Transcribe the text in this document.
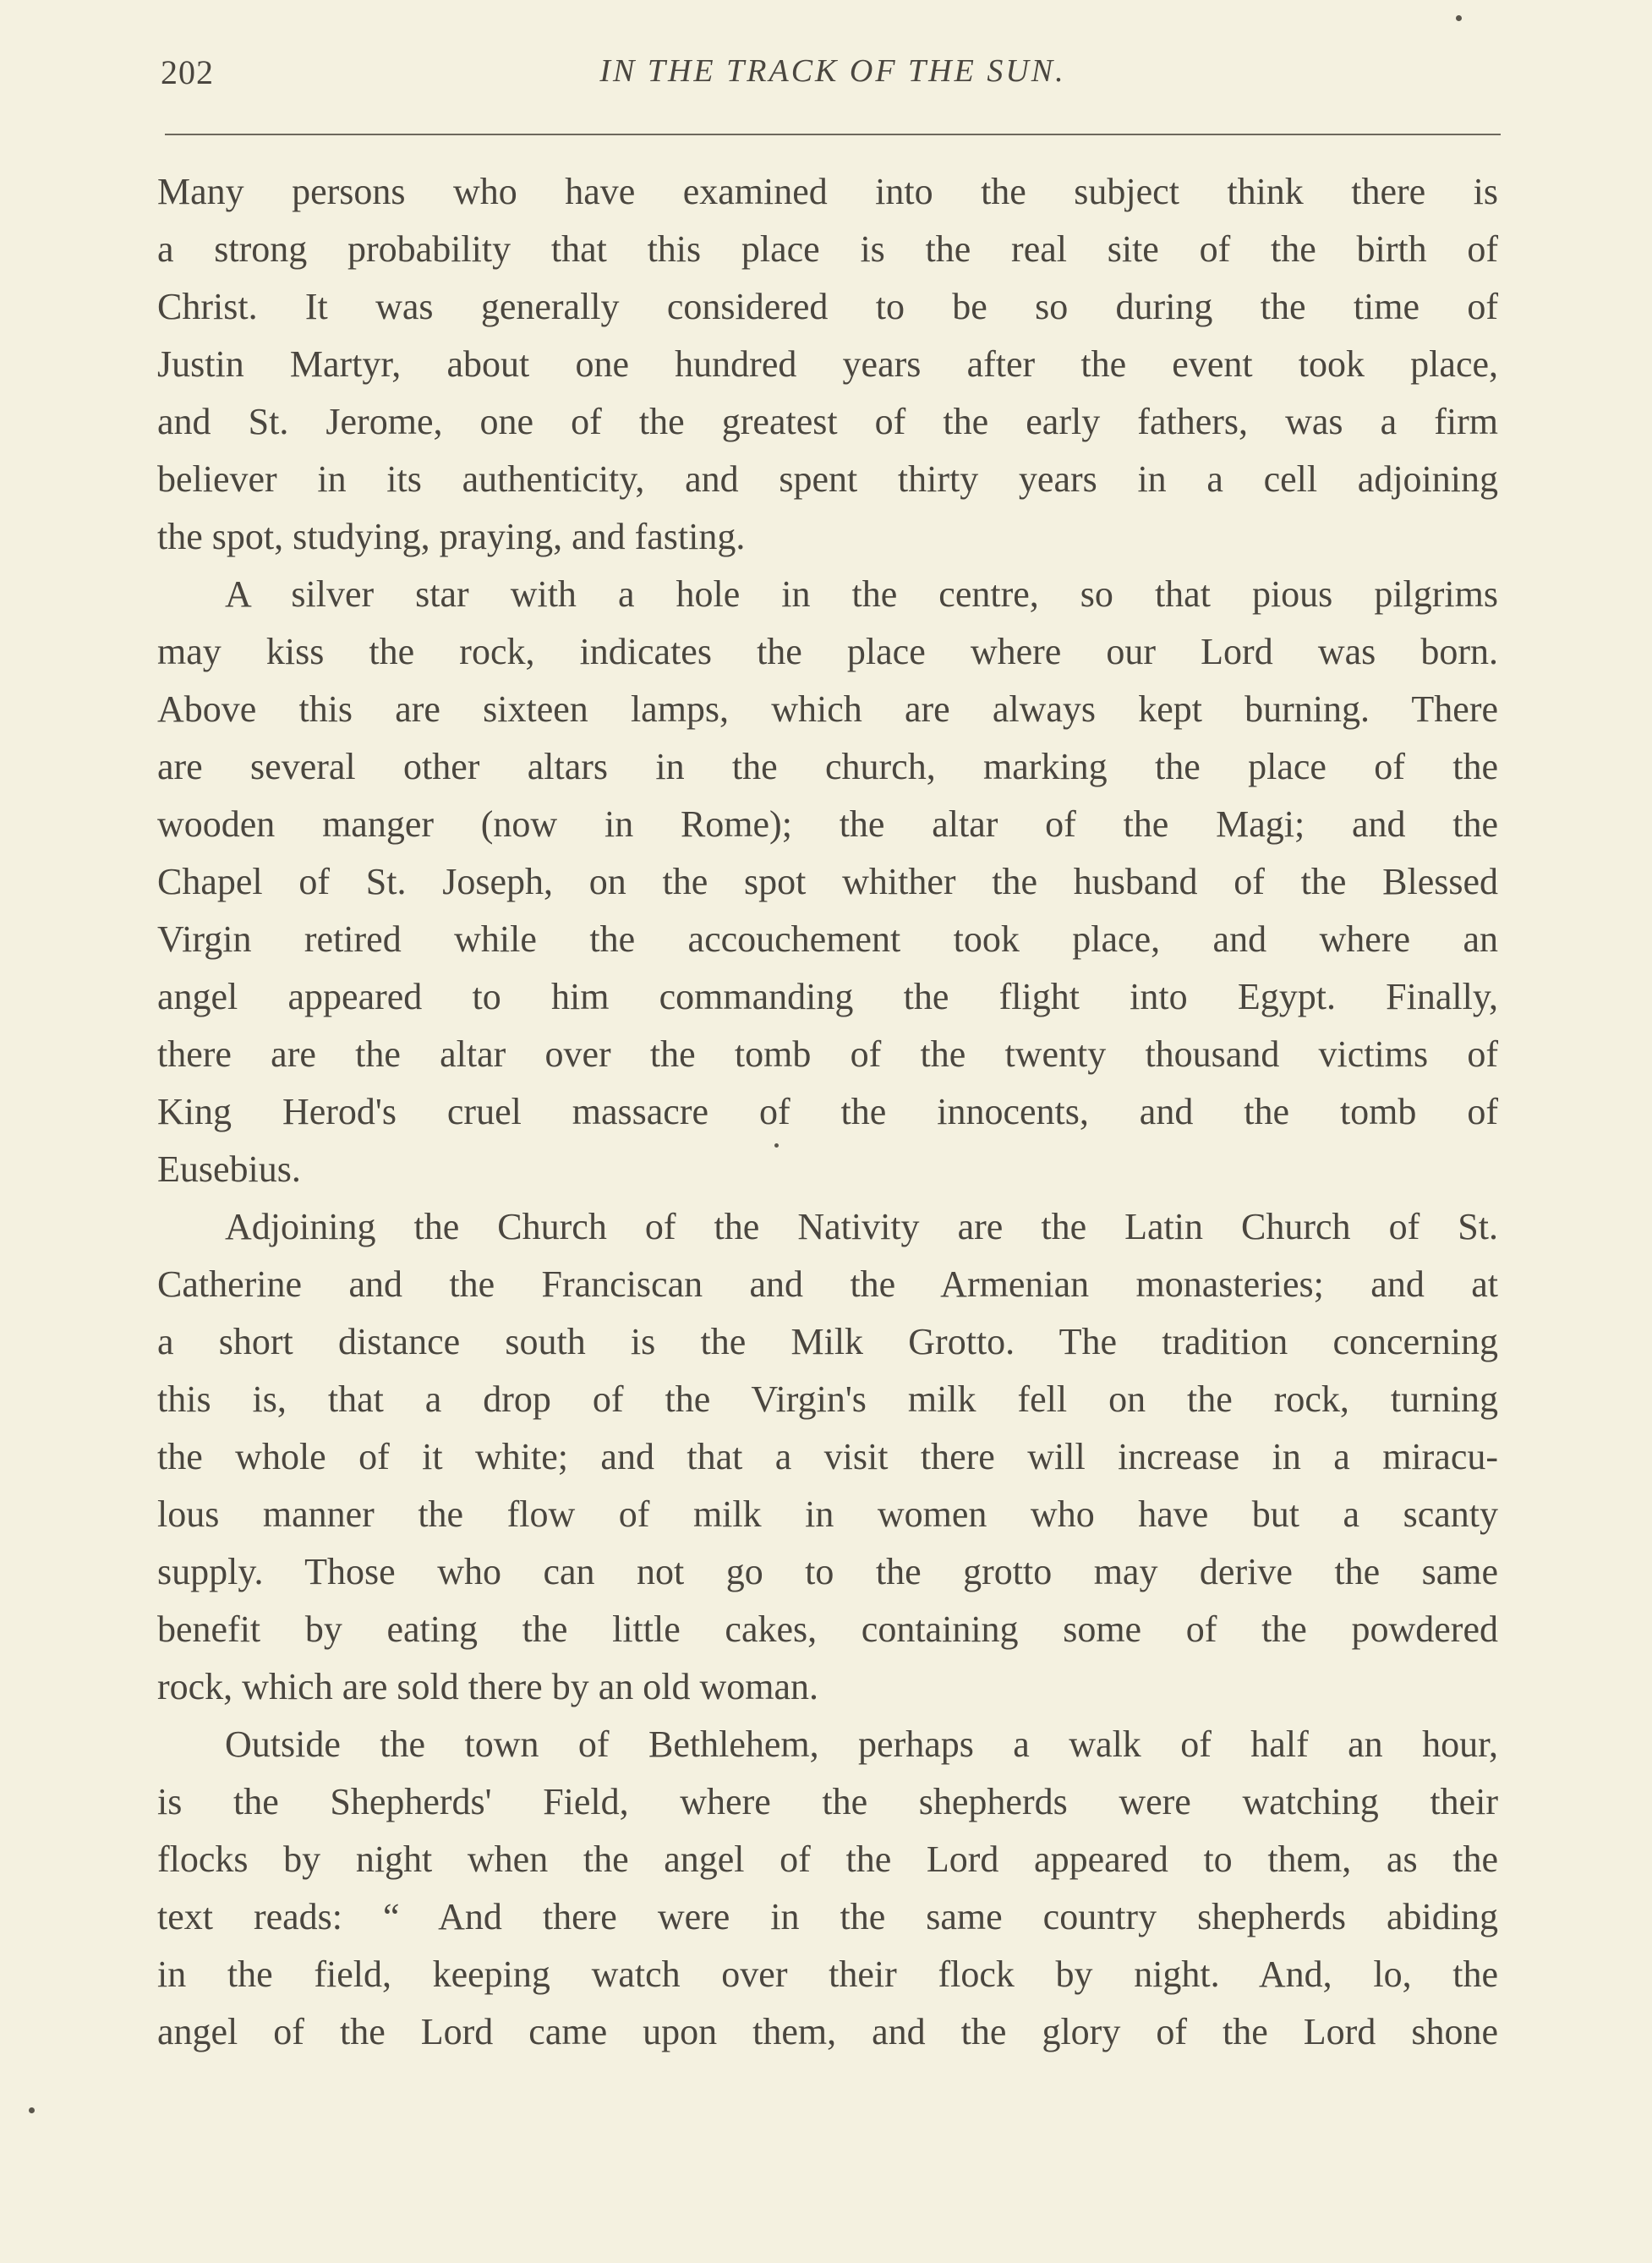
202	IN THE TRACK OF THE SUN.
Many persons who have examined into the subject think there is
a strong probability that this place is the real site of the birth of
Christ. It was generally considered to be so during the time of
Justin Martyr, about one hundred years after the event took place,
and St. Jerome, one of the greatest of the early fathers, was a firm
believer in its authenticity, and spent thirty years in a cell adjoining
the spot, studying, praying, and fasting.
A silver star with a hole in the centre, so that pious pilgrims
may kiss the rock, indicates the place where our Lord was born.
Above this are sixteen lamps, which are always kept burning. There
are several other altars in the church, marking the place of the
wooden manger (now in Rome); the altar of the Magi; and the
Chapel of St. Joseph, on the spot whither the husband of the Blessed
Virgin retired while the accouchement took place, and where an
angel appeared to him commanding the flight into Egypt. Finally,
there are the altar over the tomb of the twenty thousand victims of
King Herod's cruel massacre of the innocents, and the tomb of
Eusebius.
Adjoining the Church of the Nativity are the Latin Church of St.
Catherine and the Franciscan and the Armenian monasteries; and at
a short distance south is the Milk Grotto. The tradition concerning
this is, that a drop of the Virgin's milk fell on the rock, turning
the whole of it white; and that a visit there will increase in a miracu-
lous manner the flow of milk in women who have but a scanty
supply. Those who can not go to the grotto may derive the same
benefit by eating the little cakes, containing some of the powdered
rock, which are sold there by an old woman.
Outside the town of Bethlehem, perhaps a walk of half an hour,
is the Shepherds' Field, where the shepherds were watching their
flocks by night when the angel of the Lord appeared to them, as the
text reads: “ And there were in the same country shepherds abiding
in the field, keeping watch over their flock by night. And, lo, the
angel of the Lord came upon them, and the glory of the Lord shone
